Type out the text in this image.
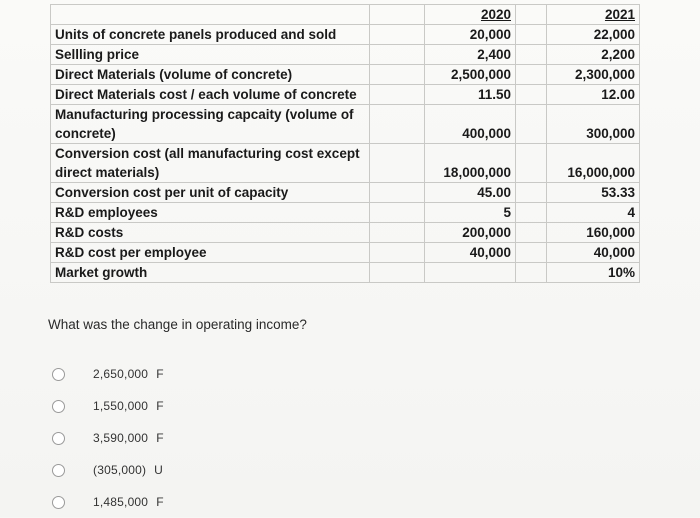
		2020		2021

Units of concrete panels produced and sold		20,000		22,000

Sellling price		2,400		2,200

Direct Materials (volume of concrete)		2,500,000		2,300,000

Direct Materials cost / each volume of concrete		11.50		12.00

Manufacturing processing capcaity (volume of
concrete)		400,000		300,000

Conversion cost (all manufacturing cost except
direct materials)		18,000,000		16,000,000

Conversion cost per unit of capacity		45.00		53.33

R&D employees		5		4

R&D costs		200,000		160,000

R&D cost per employee		40,000		40,000

Market growth				10%
What was the change in operating income?
2,650,000 F
1,550,000 F
3,590,000 F
(305,000) U
1,485,000 F
